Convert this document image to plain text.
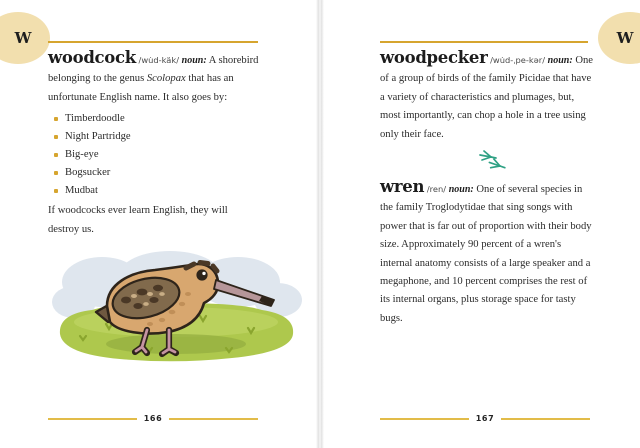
W	W

woodcock /wu̇d-käk/ noun: A shorebird belonging to the genus Scolopax that has an unfortunate English name. It also goes by:

Timberdoodle
Night Partridge
Big-eye
Bogsucker
Mudbat

If woodcocks ever learn English, they will destroy us.

woodpecker /wu̇d-ˌpe-kər/ noun: One of a group of birds of the family Picidae that have a variety of characteristics and plumages, but, most importantly, can chop a hole in a tree using only their face.

wren /ren/ noun: One of several species in the family Troglodytidae that sing songs with power that is far out of proportion with their body size. Approximately 90 percent of a wren's internal anatomy consists of a large speaker and a megaphone, and 10 percent comprises the rest of its internal organs, plus storage space for tasty bugs.

166	167
